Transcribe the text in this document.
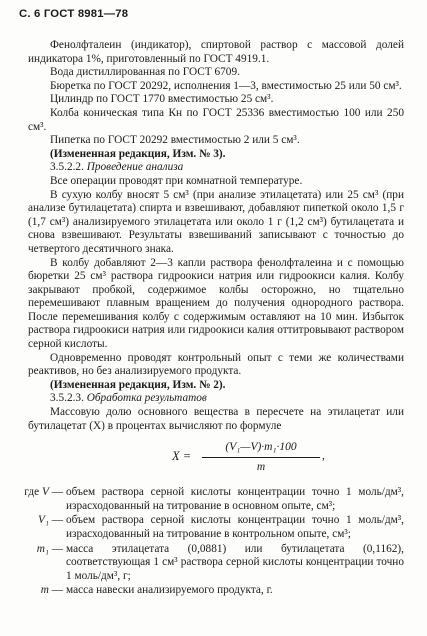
С. 6 ГОСТ 8981—78

Фенолфталеин (индикатор), спиртовой раствор с массовой долей индикатора 1%, приготовленный по ГОСТ 4919.1.

Вода дистиллированная по ГОСТ 6709.

Бюретка по ГОСТ 20292, исполнения 1—3, вместимостью 25 или 50 см³.

Цилиндр по ГОСТ 1770 вместимостью 25 см³.

Колба коническая типа Кн по ГОСТ 25336 вместимостью 100 или 250 см³.

Пипетка по ГОСТ 20292 вместимостью 2 или 5 см³.

(Измененная редакция, Изм. № 3).

3.5.2.2. Проведение анализа

Все операции проводят при комнатной температуре.

В сухую колбу вносят 5 см³ (при анализе этилацетата) или 25 см³ (при анализе бутилацетата) спирта и взвешивают, добавляют пипеткой около 1,5 г (1,7 см³) анализируемого этилацетата или около 1 г (1,2 см³) бутилацетата и снова взвешивают. Результаты взвешиваний записывают с точностью до четвертого десятичного знака.

В колбу добавляют 2—3 капли раствора фенолфталеина и с помощью бюретки 25 см³ раствора гидроокиси натрия или гидроокиси калия. Колбу закрывают пробкой, содержимое колбы осторожно, но тщательно перемешивают плавным вращением до получения однородного раствора. После перемешивания колбу с содержимым оставляют на 10 мин. Избыток раствора гидроокиси натрия или гидроокиси калия оттитровывают раствором серной кислоты.

Одновременно проводят контрольный опыт с теми же количествами реактивов, но без анализируемого продукта.

(Измененная редакция, Изм. № 2).

3.5.2.3. Обработка результатов

Массовую долю основного вещества в пересчете на этилацетат или бутилацетат (X) в процентах вычисляют по формуле

X =
(V₁—V)·m₁·100
m
,
где V — объем раствора серной кислоты концентрации точно 1 моль/дм³, израсходованный на титрование в основном опыте, см³;
V₁ — объем раствора серной кислоты концентрации точно 1 моль/дм³, израсходованный на титрование в контрольном опыте, см³;
m₁ — масса этилацетата (0,0881) или бутилацетата (0,1162), соответствующая 1 см³ раствора серной кислоты концентрации точно 1 моль/дм³, г;
m — масса навески анализируемого продукта, г.
